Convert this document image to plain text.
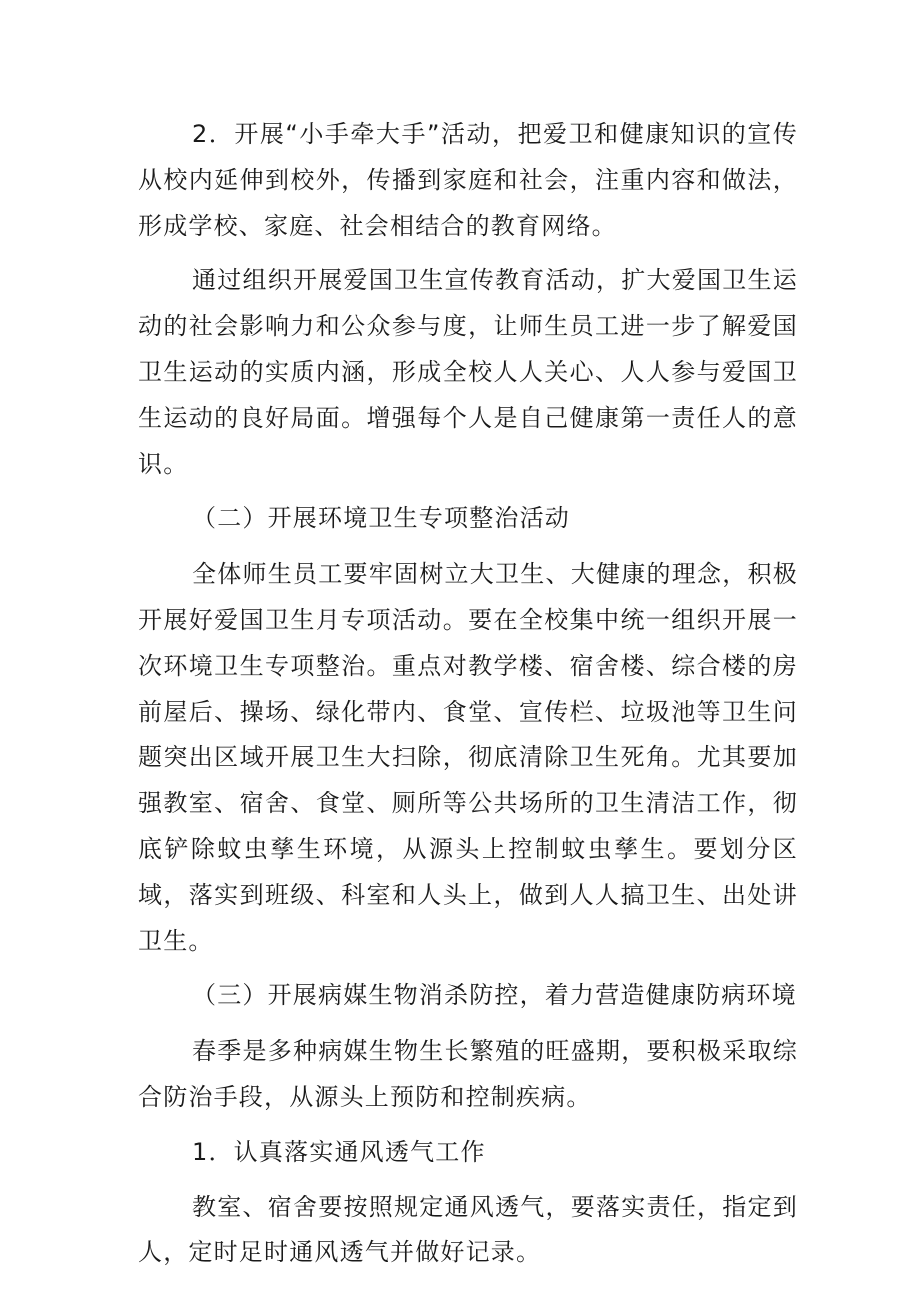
2．开展“小手牵大手”活动，把爱卫和健康知识的宣传从校内延伸到校外，传播到家庭和社会，注重内容和做法，形成学校、家庭、社会相结合的教育网络。

通过组织开展爱国卫生宣传教育活动，扩大爱国卫生运动的社会影响力和公众参与度，让师生员工进一步了解爱国卫生运动的实质内涵，形成全校人人关心、人人参与爱国卫生运动的良好局面。增强每个人是自己健康第一责任人的意识。

（二）开展环境卫生专项整治活动

全体师生员工要牢固树立大卫生、大健康的理念，积极开展好爱国卫生月专项活动。要在全校集中统一组织开展一次环境卫生专项整治。重点对教学楼、宿舍楼、综合楼的房前屋后、操场、绿化带内、食堂、宣传栏、垃圾池等卫生问题突出区域开展卫生大扫除，彻底清除卫生死角。尤其要加强教室、宿舍、食堂、厕所等公共场所的卫生清洁工作，彻底铲除蚊虫孳生环境，从源头上控制蚊虫孳生。要划分区域，落实到班级、科室和人头上，做到人人搞卫生、出处讲卫生。

（三）开展病媒生物消杀防控，着力营造健康防病环境

春季是多种病媒生物生长繁殖的旺盛期，要积极采取综合防治手段，从源头上预防和控制疾病。

1．认真落实通风透气工作

教室、宿舍要按照规定通风透气，要落实责任，指定到人，定时足时通风透气并做好记录。
